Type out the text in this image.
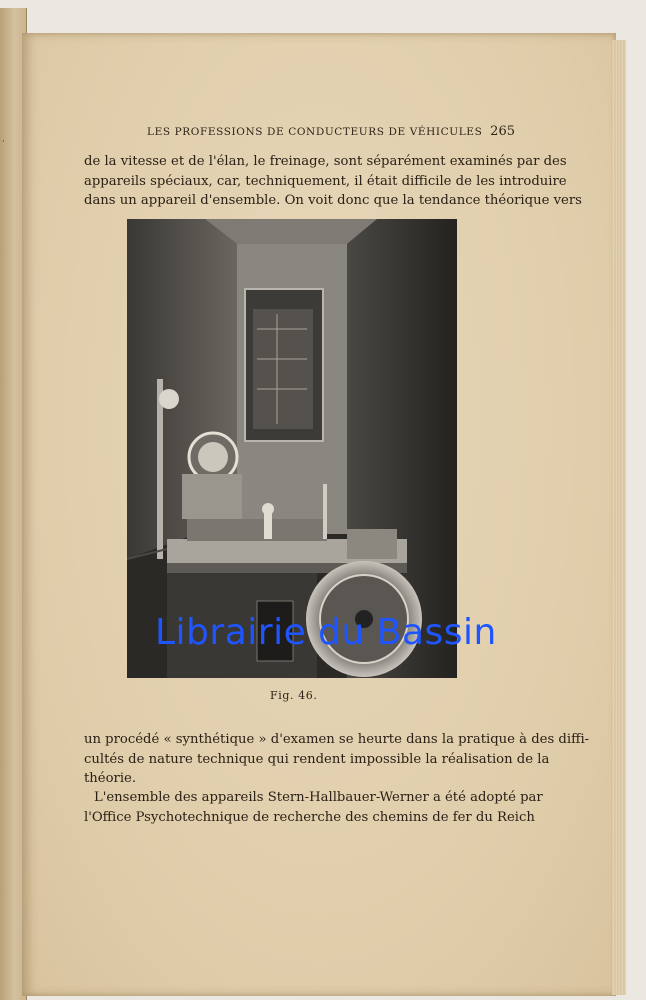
·
LES PROFESSIONS DE CONDUCTEURS DE VÉHICULES 265
de la vitesse et de l'élan, le freinage, sont séparément examinés par des
appareils spéciaux, car, techniquement, il était difficile de les introduire
dans un appareil d'ensemble. On voit donc que la tendance théorique vers
Fig. 46.
Librairie du Bassin
un procédé « synthétique » d'examen se heurte dans la pratique à des diffi-
cultés de nature technique qui rendent impossible la réalisation de la
théorie.
L'ensemble des appareils Stern-Hallbauer-Werner a été adopté par
l'Office Psychotechnique de recherche des chemins de fer du Reich
